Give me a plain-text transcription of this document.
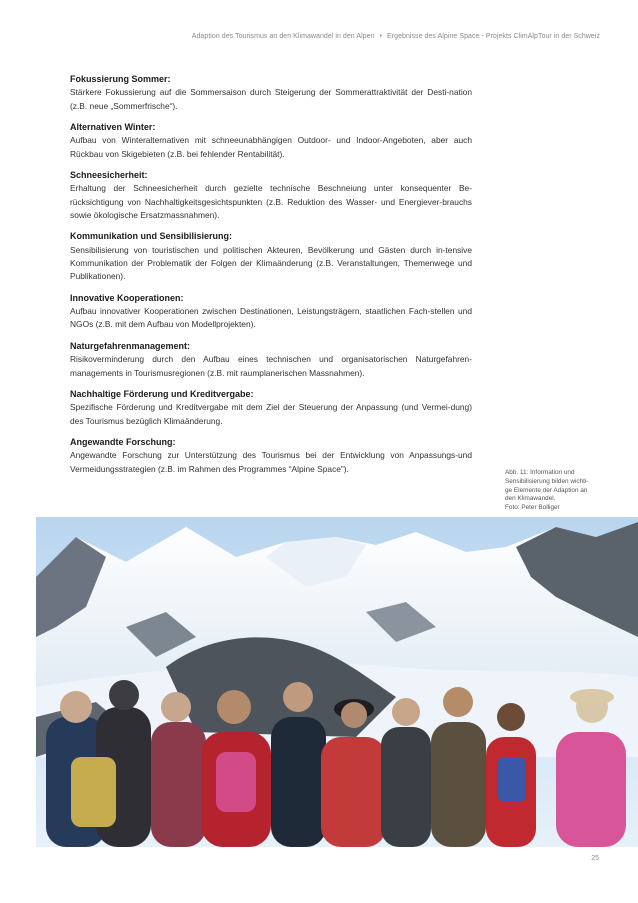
Adaption des Tourismus an den Klimawandel in den Alpen • Ergebnisse des Alpine Space - Projekts ClimAlpTour in der Schweiz
Fokussierung Sommer:

Stärkere Fokussierung auf die Sommersaison durch Steigerung der Sommerattraktivität der Desti-nation (z.B. neue „Sommerfrische“).

Alternativen Winter:

Aufbau von Winteralternativen mit schneeunabhängigen Outdoor- und Indoor-Angeboten, aber auch Rückbau von Skigebieten (z.B. bei fehlender Rentabilität).

Schneesicherheit:

Erhaltung der Schneesicherheit durch gezielte technische Beschneiung unter konsequenter Be-rücksichtigung von Nachhaltigkeitsgesichtspunkten (z.B. Reduktion des Wasser- und Energiever-brauchs sowie ökologische Ersatzmassnahmen).

Kommunikation und Sensibilisierung:

Sensibilisierung von touristischen und politischen Akteuren, Bevölkerung und Gästen durch in-tensive Kommunikation der Problematik der Folgen der Klimaänderung (z.B. Veranstaltungen, Themenwege und Publikationen).

Innovative Kooperationen:

Aufbau innovativer Kooperationen zwischen Destinationen, Leistungsträgern, staatlichen Fach-stellen und NGOs (z.B. mit dem Aufbau von Modellprojekten).

Naturgefahrenmanagement:

Risikoverminderung durch den Aufbau eines technischen und organisatorischen Naturgefahren-managements in Tourismusregionen (z.B. mit raumplanerischen Massnahmen).

Nachhaltige Förderung und Kreditvergabe:

Spezifische Förderung und Kreditvergabe mit dem Ziel der Steuerung der Anpassung (und Vermei-dung) des Tourismus bezüglich Klimaänderung.

Angewandte Forschung:

Angewandte Forschung zur Unterstützung des Tourismus bei der Entwicklung von Anpassungs-und Vermeidungsstrategien (z.B. im Rahmen des Programmes “Alpine Space”).	Abb. 11: Information und
Sensibilisierung bilden wichti-
ge Elemente der Adaption an
den Klimawandel.
Foto: Peter Bolliger
25
